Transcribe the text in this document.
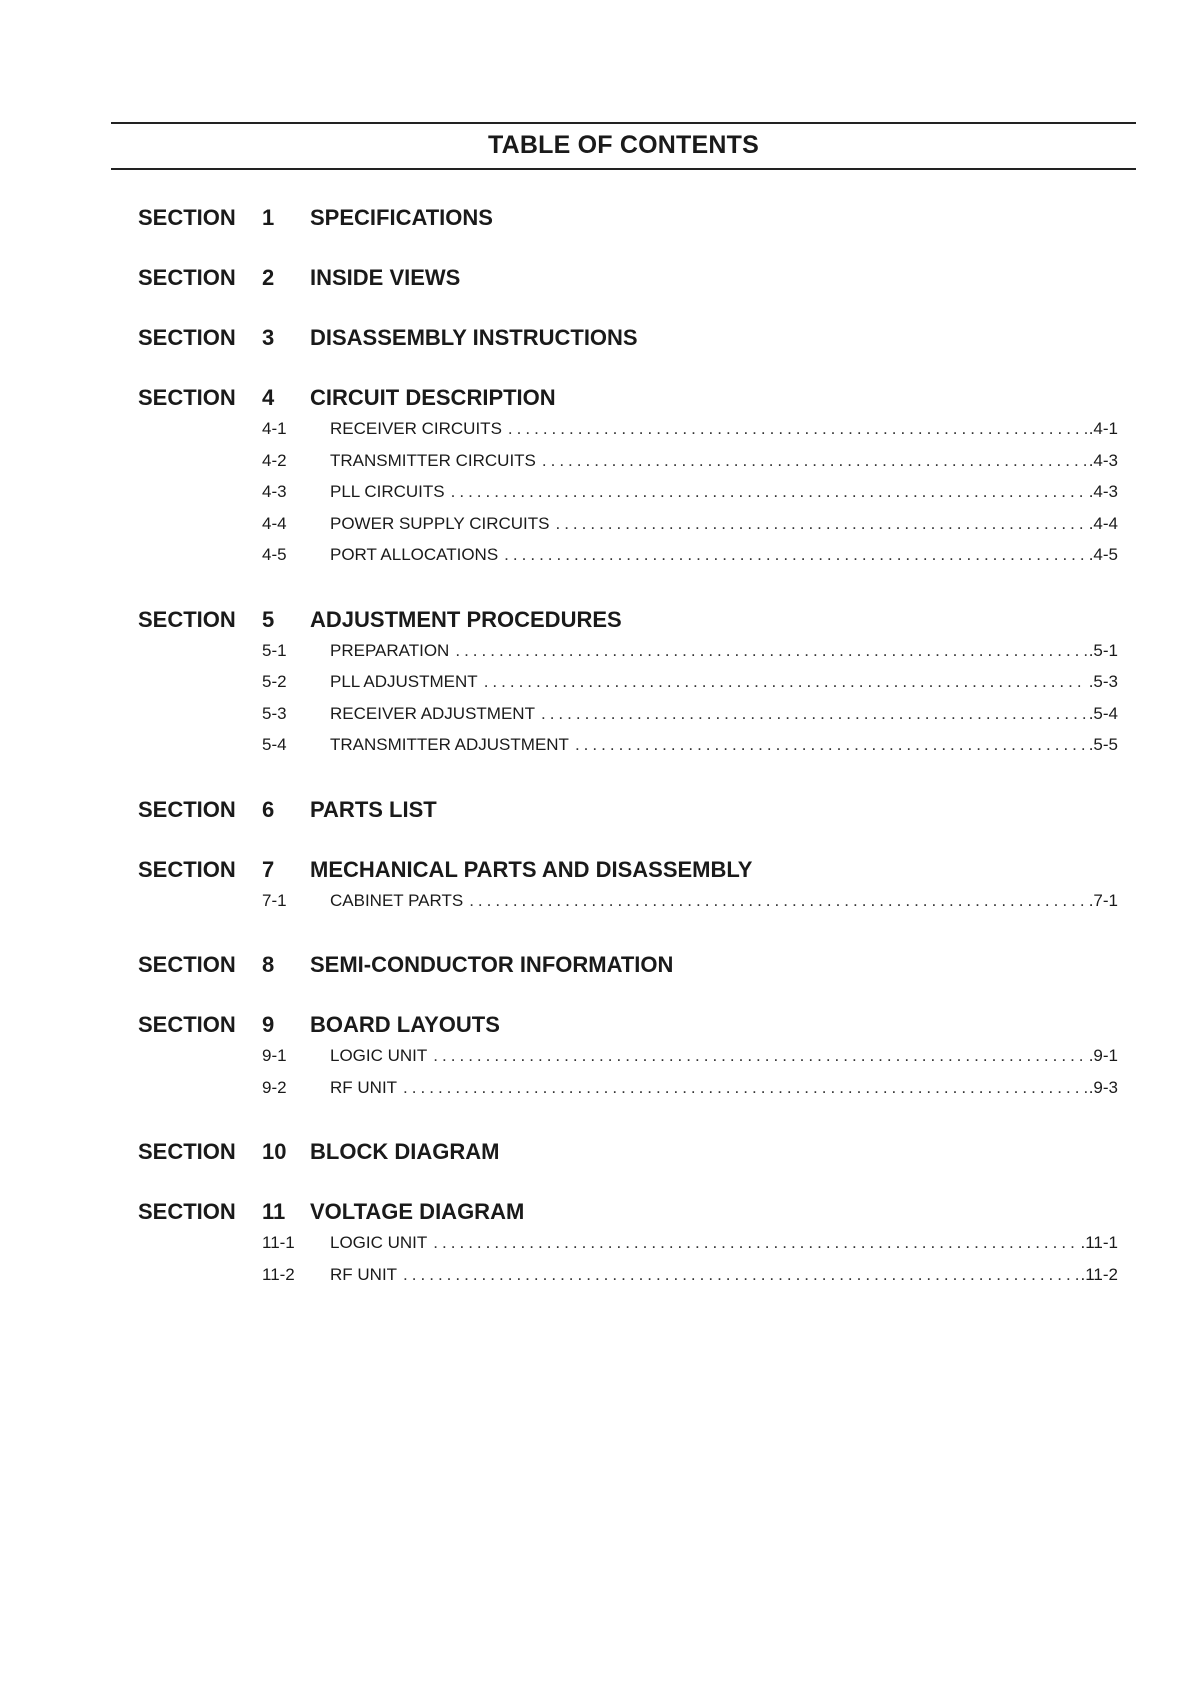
TABLE OF CONTENTS
SECTION	1	SPECIFICATIONS
SECTION	2	INSIDE VIEWS
SECTION	3	DISASSEMBLY INSTRUCTIONS
SECTION	4	CIRCUIT DESCRIPTION
4-1	RECEIVER CIRCUITS .....	.4-1
4-2	TRANSMITTER CIRCUITS .....	.4-3
4-3	PLL CIRCUITS .....	.4-3
4-4	POWER SUPPLY CIRCUITS .....	.4-4
4-5	PORT ALLOCATIONS .....	.4-5
SECTION	5	ADJUSTMENT PROCEDURES
5-1	PREPARATION .....	.5-1
5-2	PLL ADJUSTMENT .....	.5-3
5-3	RECEIVER ADJUSTMENT .....	.5-4
5-4	TRANSMITTER ADJUSTMENT .....	.5-5
SECTION	6	PARTS LIST
SECTION	7	MECHANICAL PARTS AND DISASSEMBLY
7-1	CABINET PARTS .....	.7-1
SECTION	8	SEMI-CONDUCTOR INFORMATION
SECTION	9	BOARD LAYOUTS
9-1	LOGIC UNIT .....	.9-1
9-2	RF UNIT .....	.9-3
SECTION	10	BLOCK DIAGRAM
SECTION	11	VOLTAGE DIAGRAM
11-1	LOGIC UNIT .....	.11-1
11-2	RF UNIT .....	.11-2
